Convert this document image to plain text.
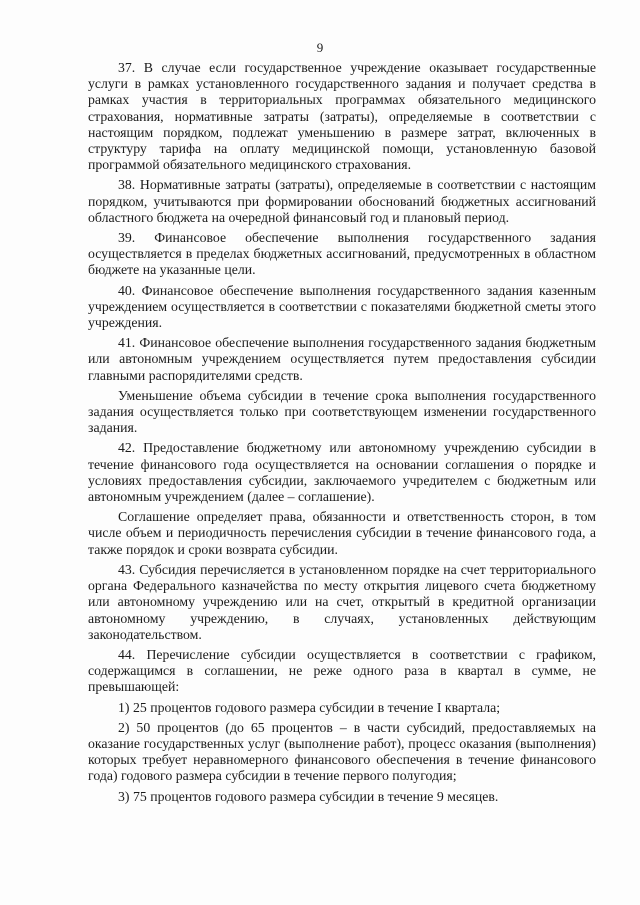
9

37. В случае если государственное учреждение оказывает государственные услуги в рамках установленного государственного задания и получает средства в рамках участия в территориальных программах обязательного медицинского страхования, нормативные затраты (затраты), определяемые в соответствии с настоящим порядком, подлежат уменьшению в размере затрат, включенных в структуру тарифа на оплату медицинской помощи, установленную базовой программой обязательного медицинского страхования.

38. Нормативные затраты (затраты), определяемые в соответствии с настоящим порядком, учитываются при формировании обоснований бюджетных ассигнований областного бюджета на очередной финансовый год и плановый период.

39. Финансовое обеспечение выполнения государственного задания осуществляется в пределах бюджетных ассигнований, предусмотренных в областном бюджете на указанные цели.

40. Финансовое обеспечение выполнения государственного задания казенным учреждением осуществляется в соответствии с показателями бюджетной сметы этого учреждения.

41. Финансовое обеспечение выполнения государственного задания бюджетным или автономным учреждением осуществляется путем предоставления субсидии главными распорядителями средств.

Уменьшение объема субсидии в течение срока выполнения государственного задания осуществляется только при соответствующем изменении государственного задания.

42. Предоставление бюджетному или автономному учреждению субсидии в течение финансового года осуществляется на основании соглашения о порядке и условиях предоставления субсидии, заключаемого учредителем с бюджетным или автономным учреждением (далее – соглашение).

Соглашение определяет права, обязанности и ответственность сторон, в том числе объем и периодичность перечисления субсидии в течение финансового года, а также порядок и сроки возврата субсидии.

43. Субсидия перечисляется в установленном порядке на счет территориального органа Федерального казначейства по месту открытия лицевого счета бюджетному или автономному учреждению или на счет, открытый в кредитной организации автономному учреждению, в случаях, установленных действующим законодательством.

44. Перечисление субсидии осуществляется в соответствии с графиком, содержащимся в соглашении, не реже одного раза в квартал в сумме, не превышающей:

1) 25 процентов годового размера субсидии в течение I квартала;

2) 50 процентов (до 65 процентов – в части субсидий, предоставляемых на оказание государственных услуг (выполнение работ), процесс оказания (выполнения) которых требует неравномерного финансового обеспечения в течение финансового года) годового размера субсидии в течение первого полугодия;

3) 75 процентов годового размера субсидии в течение 9 месяцев.
